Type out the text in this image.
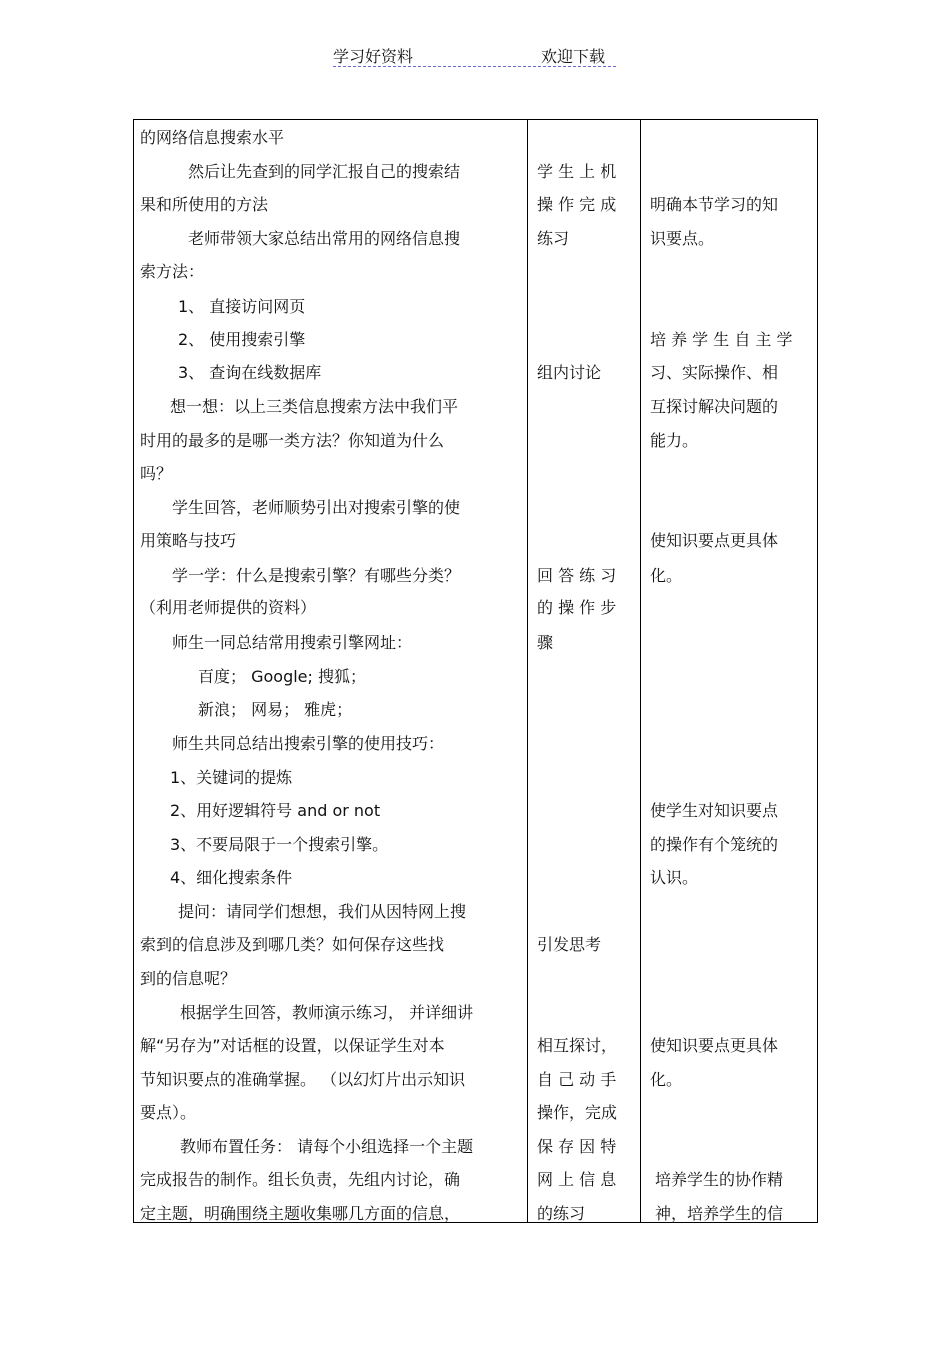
学习好资料	欢迎下载
的网络信息搜索水平
然后让先查到的同学汇报自己的搜索结
果和所使用的方法
老师带领大家总结出常用的网络信息搜
索方法：
1、 直接访问网页
2、 使用搜索引擎
3、 查询在线数据库
想一想：以上三类信息搜索方法中我们平
时用的最多的是哪一类方法？你知道为什么
吗？
学生回答，老师顺势引出对搜索引擎的使
用策略与技巧
学一学：什么是搜索引擎？有哪些分类？
（利用老师提供的资料）
师生一同总结常用搜索引擎网址：
百度； Google; 搜狐；
新浪； 网易； 雅虎；
师生共同总结出搜索引擎的使用技巧：
1、关键词的提炼
2、用好逻辑符号 and or not
3、不要局限于一个搜索引擎。
4、细化搜索条件
提问：请同学们想想，我们从因特网上搜
索到的信息涉及到哪几类？如何保存这些找
到的信息呢？
根据学生回答，教师演示练习， 并详细讲
解“另存为”对话框的设置，以保证学生对本
节知识要点的准确掌握。 （以幻灯片出示知识
要点）。
教师布置任务： 请每个小组选择一个主题
完成报告的制作。组长负责，先组内讨论，确
定主题，明确围绕主题收集哪几方面的信息，
学 生 上 机
操 作 完 成
练习
组内讨论
回 答 练 习
的 操 作 步
骤
引发思考
相互探讨，
自 己 动 手
操作，完成
保 存 因 特
网 上 信 息
的练习
明确本节学习的知
识要点。
培 养 学 生 自 主 学
习、实际操作、相
互探讨解决问题的
能力。
使知识要点更具体
化。
使学生对知识要点
的操作有个笼统的
认识。
使知识要点更具体
化。
培养学生的协作精
神，培养学生的信
